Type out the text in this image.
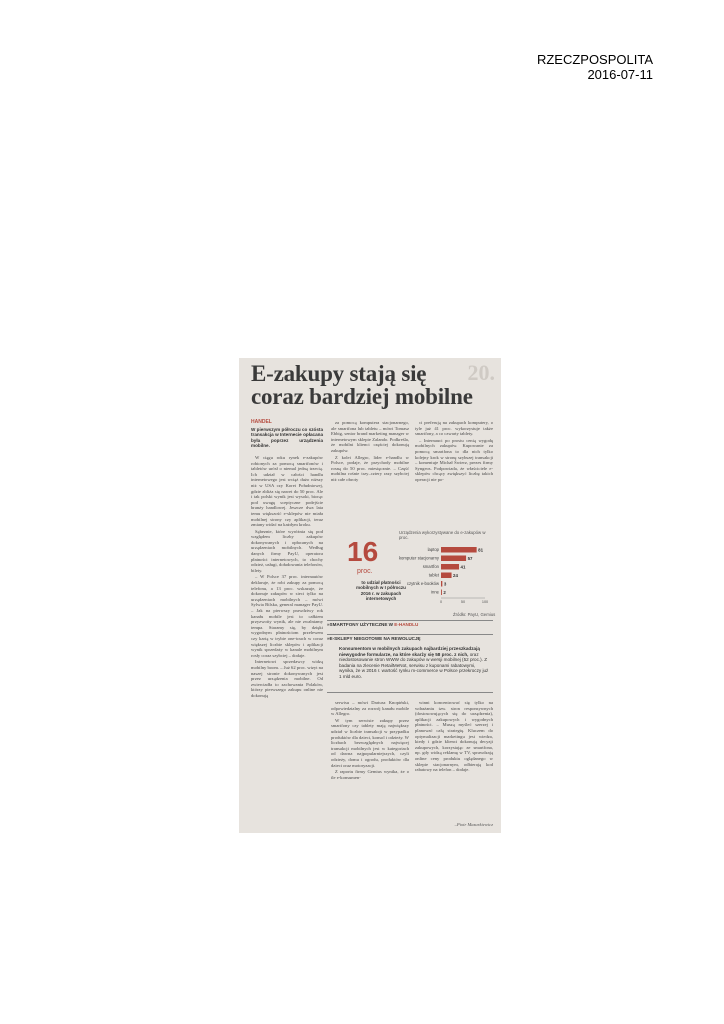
RZECZPOSPOLITA
2016-07-11
20.
E-zakupy stają się
coraz bardziej mobilne
HANDEL
W pierwszym półroczu co szósta transakcja w Internecie opłacana była poprzez urządzenia mobilne.

W ciągu roku rynek e-zakupów robionych za pomocą smartfonów i tabletów urósł o niemal jedną trzecią. Ich udział w całości handlu internetowego jest wciąż dużo niższy niż w USA czy Korei Południowej, gdzie zbliża się nawet do 50 proc. Ale i tak polski wynik jest wysoki, biorąc pod uwagę sceptyczne podejście branży handlowej. Jeszcze dwa lata temu większość e-sklepów nie miała mobilnej strony czy aplikacji, teraz zmiany widać na każdym kroku.

Sąbeznie, które wyróżnia się pod względem liczby zakupów dokonywanych i opłacanych na urządzeniach mobilnych. Według danych firmy PayU, operatora płatności internetowych, to chochy odzież, usługi, doładowania telefonów, bilety.

– W Polsce 37 proc. internautów deklaruje, że robi zakupy za pomocą telefonu, a 13 proc. wskazuje, że dokonuje zakupów w sieci tylko na urządzeniach mobilnych – mówi Sylwia Bilska, general manager PayU. – Jak na pierwszy prawdziwy rok kanału mobile jest to całkiem przyzwoity wynik, ale nie zwalniamy tempa. Staramy się, by dzięki wygodnym płatnościom przelewem czy kartą w trybie one-touch w coraz większej liczbie sklepów i aplikacji wynik sprzedaży w kanale mobilnym rosły coraz szybciej – dodaje.

Internetowi sprzedawcy widzą mobilny boom. – Już 62 proc. wizyt na naszej stronie dokonywanych jest przez urządzenia mobilne. Od zwierciadła to zachowania Polaków, którzy pierwszego zakupu online nie dokonują

za pomocą komputera stacjonarnego, ale smartfona lub tabletu – mówi Tomasz Ebbig, senior brand marketing manager w internetowym sklepie Zalando. Podkreśla, że mobilni klienci częściej dokonują zakupów.

Z kolei Allegro, lider e-handlu w Polsce, podaje, że przychody mobilne rosną do 50 proc. miesięcznie. – Część mobilna rośnie trzy–cztery razy szybciej niż całe obroty

ci preferują na zakupach komputery, o tyle już 41 proc. wykorzystuje także smartfony, a co czwarty tablety.

– Internauci po prostu cenią wygodę mobilnych zakupów. Kupowanie za pomocą smartfona to dla nich tylko kolejny krok w stronę szybszej transakcji – komentuje Michał Świerz, prezes firmy Syngeos. Podpowiada, że właściciele e-sklepów chcący zwiększyć liczbę takich operacji nie po-

16
proc.
to udział płatności mobilnych w I półroczu 2016 r. w zakupach internetowych
Urządzenia wykorzystywane do e-zakupów w proc.
laptop	81
komputer stacjonarny	57
smartfon	41
tablet	24
czytnik e-booków 3
inne 2
0	50	100
Źródło: PayU, Gemius
»SMARTFONY UŻYTECZNE W E-HANDLU
»E-SKLEPY NIEGOTOWE NA REWOLUCJĘ
Konsumentom w mobilnych zakupach najbardziej przeszkadzają niewygodne formularze, na które skarży się 58 proc. z nich, oraz niedostosowanie stron WWW do zakupów w wersji mobilnej (52 proc.). Z badania na zlecenie RetailMeNot, serwisu z kuponami rabatowymi, wynika, że w 2016 r. wartość rynku m-commerce w Polsce przekroczy już 1 mld euro.

serwisu – mówi Dariusz Knopiński, odpowiedzialny za rozwój kanału mobile w Allegro.

W tym serwisie zakupy przez smartfony czy tablety mają największy udział w liczbie transakcji w przypadku produktów dla dzieci, konsol i odzieży. W liczbach bezwzględnych najwięcej transakcji mobilnych jest w kategoriach od dawna najpopularniejszych, czyli odzieży, domu i ogrodu, produktów dla dzieci oraz motoryzacji.

Z raportu firmy Gemius wynika, że o ile e-konsumen-

winni koncentrować się tylko na wdrażaniu tzw. stron responsywnych (dostosowujących się do urządzenia), aplikacji zakupowych i wygodnych płatności. – Muszą myśleć szerzej i planować całą strategię. Kluczem do optymalizacji marketingu jest wiedza, kiedy i gdzie klienci dokonują decyzji zakupowych, korzystając ze smartfona, np. gdy widzą reklamę w TV, sprawdzają online ceny produktu oglądanego w sklepie stacjonarnym, odbierają kod rabatowy na telefon – dodaje.

–Piotr Mazurkiewicz
